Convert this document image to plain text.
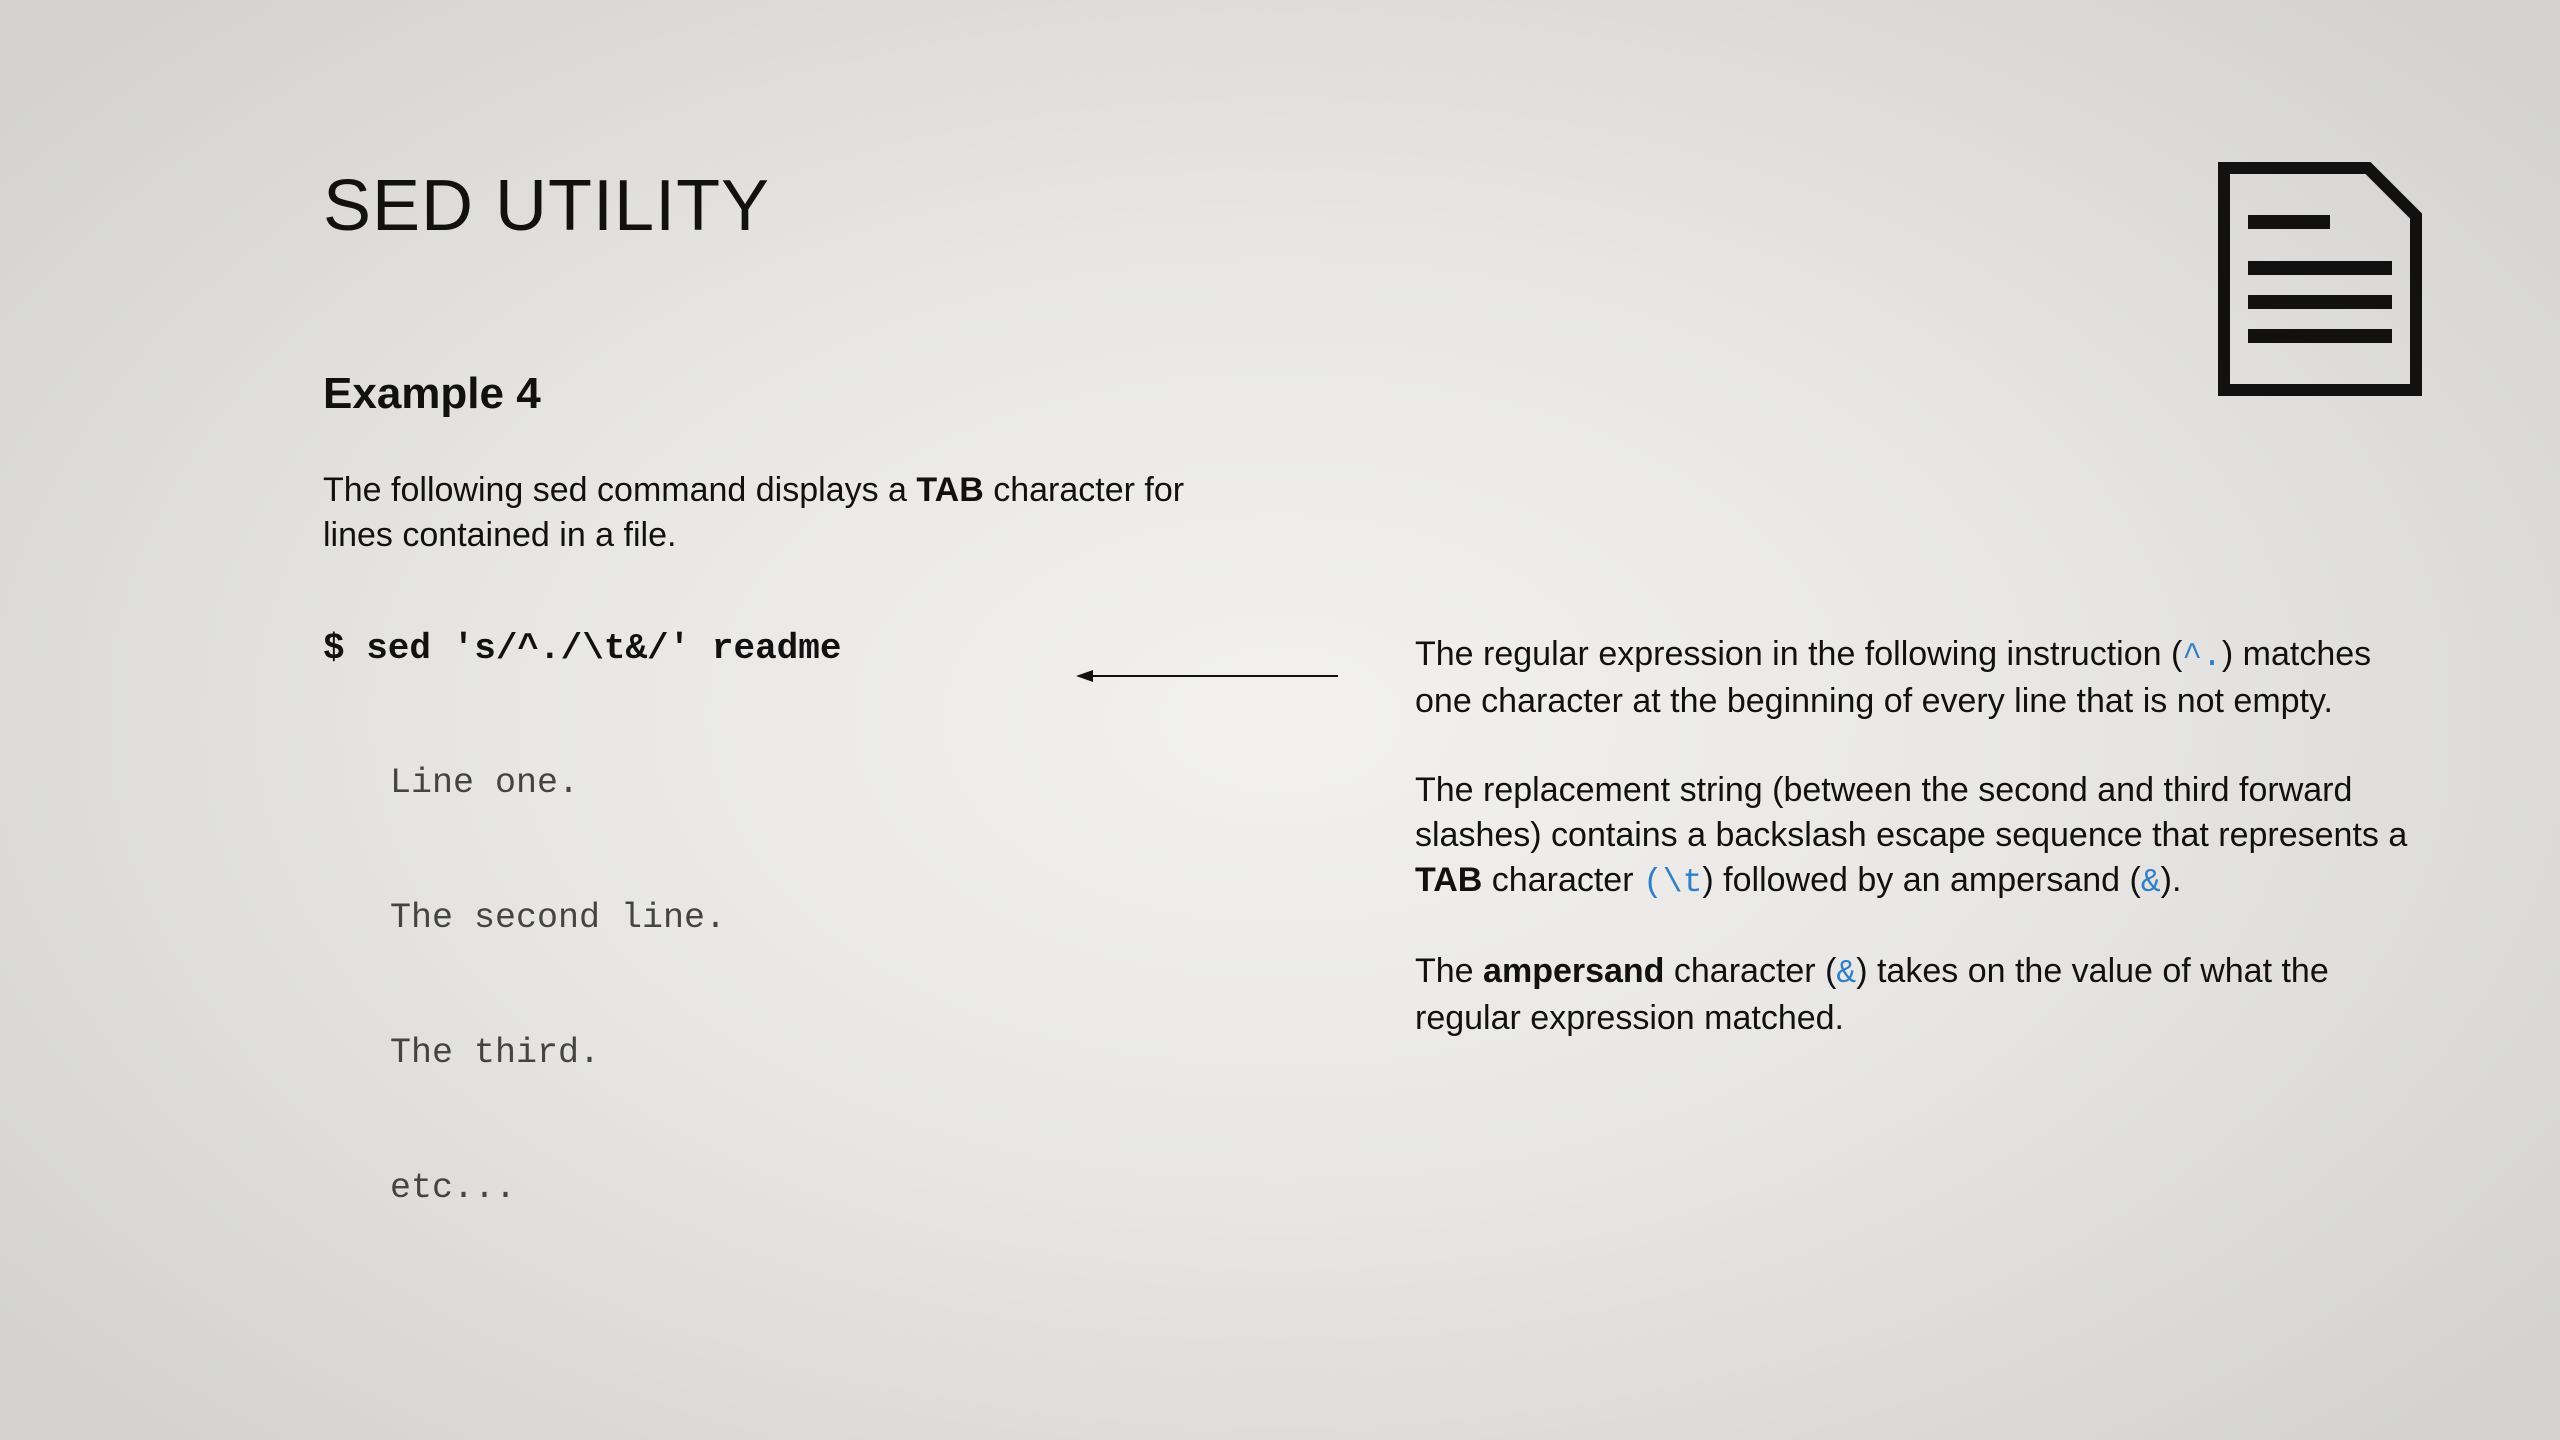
SED UTILITY
Example 4

The following sed command displays a TAB character for lines contained in a file.

$ sed 's/^./\t&/' readme

Line one.

The second line.

The third.

etc...

The regular expression in the following instruction (^.) matches one character at the beginning of every line that is not empty.

The replacement string (between the second and third forward slashes) contains a backslash escape sequence that represents a TAB character (\t) followed by an ampersand (&).

The ampersand character (&) takes on the value of what the regular expression matched.
